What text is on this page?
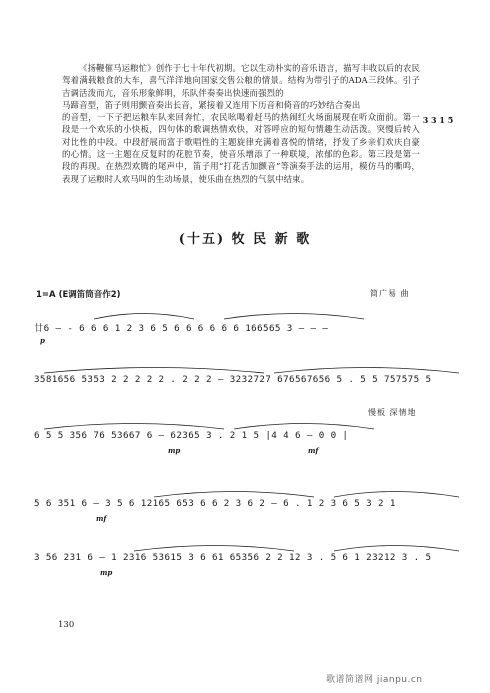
《扬鞭催马运粮忙》创作于七十年代初期。它以生动朴实的音乐语言，描写丰收以后的农民驾着满载粮食的大车，喜气洋洋地向国家交售公粮的情景。结构为带引子的ADA三段体。引子吉调活泼而亢，音乐形象鲜明，乐队伴奏奏出快速而强烈的

马蹄音型，笛子则用颤音奏出长音，紧接着又连用下历音和倚音的巧妙结合奏出

的音型，一下子把运粮车队来回奔忙，农民吆喝着赶马的热闹红火场面展现在听众面前。第一段是一个欢乐的小快板，四句体的歌调热情欢快，对答呼应的短句情趣生动活泼。突慢后转入对比性的中段。中段舒展而富于歌唱性的主题旋律充满着喜悦的情绪，抒发了乡亲们欢庆自豪的心情。这一主题在反复时的花腔节奏，使音乐增添了一种联境，浓郁的色彩。第三段是第一段的再现。在热烈欢腾的尾声中，笛子用“打花舌加颤音”等演奏手法的运用，模仿马的嘶鸣，表现了运粮时人欢马叫的生动场景，使乐曲在热烈的气氛中结束。

3 3 1 5
(十五) 牧 民 新 歌
1=A (E调笛筒音作2)	简广易 曲
廿6 — - 6 6 6 1 2 3 6 5 6 6 6 6 6 6 166565 3 — — —
p
3581656 5353 2 2 2 2 2 . 2 2 2 — 3232727 676567656 5 . 5 5 757575 5
慢板 深情地
6 5 5 356 76 53667 6 — 62365 3 . 2 1 5 |4 4 6 — 0 0 |
mp	mf
5 6 351 6 — 3 5 6 12165 653 6 6 2 3 6 2 — 6 . 1 2 3 6 5 3 2 1
mf
3 56 231 6 — 1 2316 53615 3 6 61 65356 2 2 12 3 . 5 6 1 23212 3 . 5
mp
130
歌谱简谱网 jianpu.cn
